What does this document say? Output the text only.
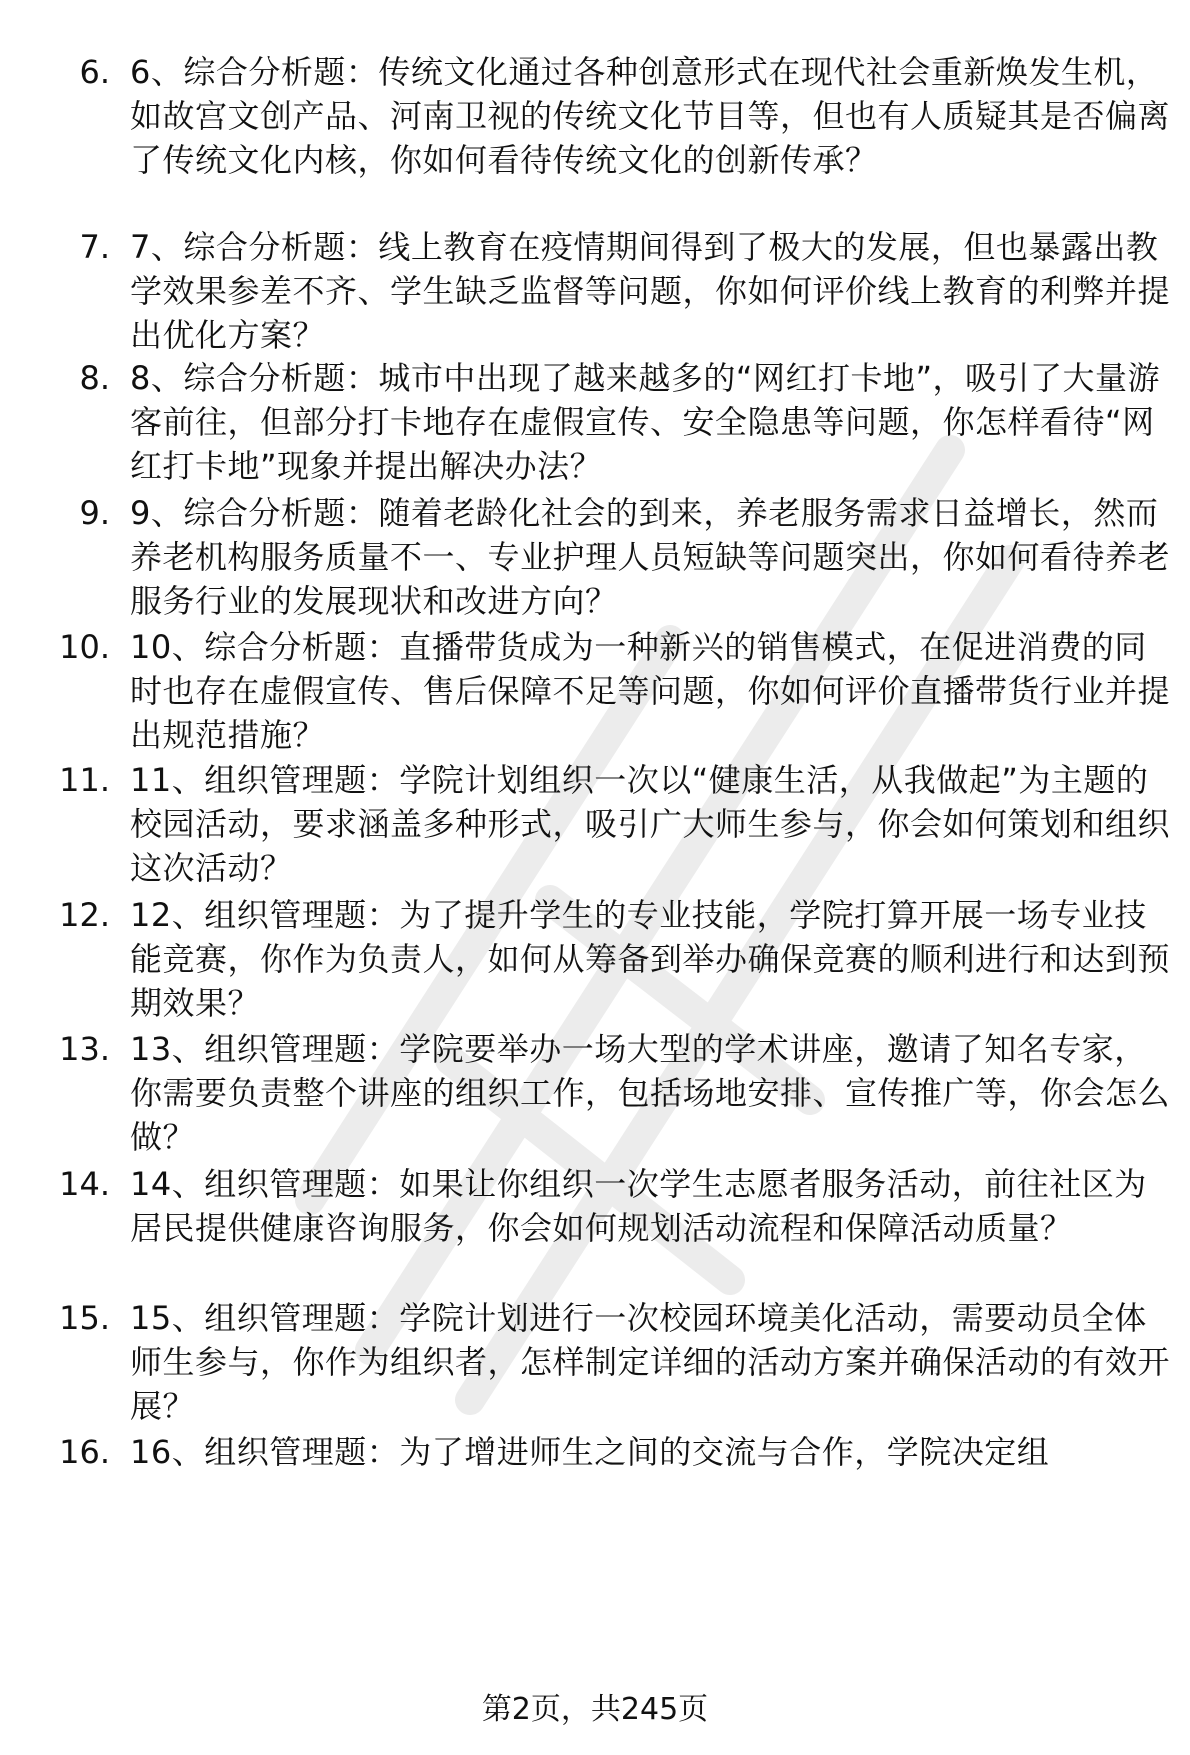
6. 6、综合分析题：传统文化通过各种创意形式在现代社会重新焕发生机，如故宫文创产品、河南卫视的传统文化节目等，但也有人质疑其是否偏离了传统文化内核，你如何看待传统文化的创新传承？
7. 7、综合分析题：线上教育在疫情期间得到了极大的发展，但也暴露出教学效果参差不齐、学生缺乏监督等问题，你如何评价线上教育的利弊并提出优化方案？
8. 8、综合分析题：城市中出现了越来越多的“网红打卡地”，吸引了大量游客前往，但部分打卡地存在虚假宣传、安全隐患等问题，你怎样看待“网红打卡地”现象并提出解决办法？
9. 9、综合分析题：随着老龄化社会的到来，养老服务需求日益增长，然而养老机构服务质量不一、专业护理人员短缺等问题突出，你如何看待养老服务行业的发展现状和改进方向？
10. 10、综合分析题：直播带货成为一种新兴的销售模式，在促进消费的同时也存在虚假宣传、售后保障不足等问题，你如何评价直播带货行业并提出规范措施？
11. 11、组织管理题：学院计划组织一次以“健康生活，从我做起”为主题的校园活动，要求涵盖多种形式，吸引广大师生参与，你会如何策划和组织这次活动？
12. 12、组织管理题：为了提升学生的专业技能，学院打算开展一场专业技能竞赛，你作为负责人，如何从筹备到举办确保竞赛的顺利进行和达到预期效果？
13. 13、组织管理题：学院要举办一场大型的学术讲座，邀请了知名专家，你需要负责整个讲座的组织工作，包括场地安排、宣传推广等，你会怎么做？
14. 14、组织管理题：如果让你组织一次学生志愿者服务活动，前往社区为居民提供健康咨询服务，你会如何规划活动流程和保障活动质量？
15. 15、组织管理题：学院计划进行一次校园环境美化活动，需要动员全体师生参与，你作为组织者，怎样制定详细的活动方案并确保活动的有效开展？
16. 16、组织管理题：为了增进师生之间的交流与合作，学院决定组
第2页，共245页
